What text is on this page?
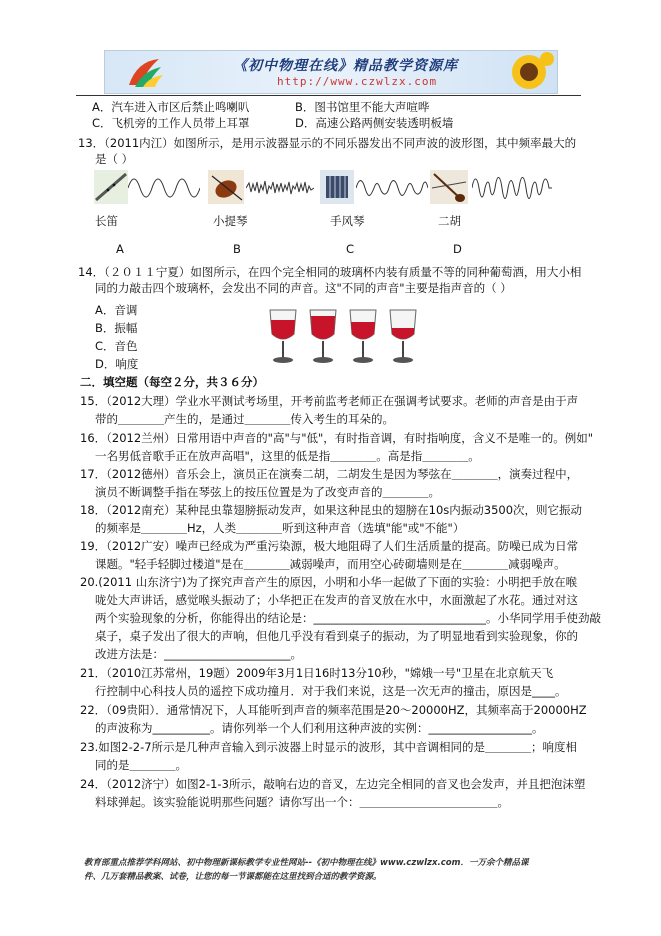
《初中物理在线》精品教学资源库
http://www.czwlzx.com
A．汽车进入市区后禁止鸣喇叭	B．图书馆里不能大声喧哗
C．飞机旁的工作人员带上耳罩	D．高速公路两侧安装透明板墙
13．（2011内江）如图所示，是用示波器显示的不同乐器发出不同声波的波形图，其中频率最大的
是（ ）
14．（２０１１宁夏）如图所示，在四个完全相同的玻璃杯内装有质量不等的同种葡萄酒，用大小相
同的力敲击四个玻璃杯，会发出不同的声音。这"不同的声音"主要是指声音的（ ）
A．音调
B．振幅
C．音色
D．响度
二．填空题（每空２分，共３６分）
15．（2012大理）学业水平测试考场里，开考前监考老师正在强调考试要求。老师的声音是由于声
带的＿＿＿＿产生的，是通过＿＿＿＿传入考生的耳朵的。
16．（2012兰州）日常用语中声音的"高"与"低"，有时指音调，有时指响度，含义不是唯一的。例如"
一名男低音歌手正在放声高唱"，这里的低是指＿＿＿＿。高是指＿＿＿＿。
17．（2012德州）音乐会上，演员正在演奏二胡，二胡发生是因为琴弦在＿＿＿＿，演奏过程中，
演员不断调整手指在琴弦上的按压位置是为了改变声音的＿＿＿＿。
18．（2012南充）某种昆虫靠翅膀振动发声，如果这种昆虫的翅膀在10s内振动3500次，则它振动
的频率是＿＿＿＿Hz，人类＿＿＿＿听到这种声音（选填"能"或"不能"）
19．（2012广安）噪声已经成为严重污染源，极大地阻碍了人们生活质量的提高。防噪已成为日常
课题。"轻手轻脚过楼道"是在＿＿＿＿减弱噪声，而用空心砖砌墙则是在＿＿＿＿减弱噪声。
20.(2011 山东济宁)为了探究声音产生的原因，小明和小华一起做了下面的实验：小明把手放在喉
咙处大声讲话，感觉喉头振动了；小华把正在发声的音叉放在水中，水面激起了水花。通过对这
两个实验现象的分析，你能得出的结论是：______________________________。小华同学用手使劲敲
桌子，桌子发出了很大的声响，但他几乎没有看到桌子的振动，为了明显地看到实验现象，你的
改进方法是：______________________。
21．（2010江苏常州，19题）2009年3月1日16时13分10秒，"嫦娥一号"卫星在北京航天飞
行控制中心科技人员的遥控下成功撞月．对于我们来说，这是一次无声的撞击，原因是____。
22．（09贵阳）．通常情况下，人耳能听到声音的频率范围是20～20000HZ，其频率高于20000HZ
的声波称为__________。请你列举一个人们利用这种声波的实例：__________________。
23.如图2-2-7所示是几种声音输入到示波器上时显示的波形，其中音调相同的是＿＿＿＿；响度相
同的是＿＿＿＿。
24．（2012济宁）如图2-1-3所示，敲响右边的音叉，左边完全相同的音叉也会发声，并且把泡沫塑
料球弹起。该实验能说明那些问题？请你写出一个：＿＿＿＿＿＿＿＿＿＿＿＿。
长笛	小提琴	手风琴	二胡
A	B	C	D
教育部重点推荐学科网站、初中物理新课标教学专业性网站--《初中物理在线》www.czwlzx.com．一万余个精品课
件、几万套精品教案、试卷，让您的每一节课都能在这里找到合适的教学资源。
